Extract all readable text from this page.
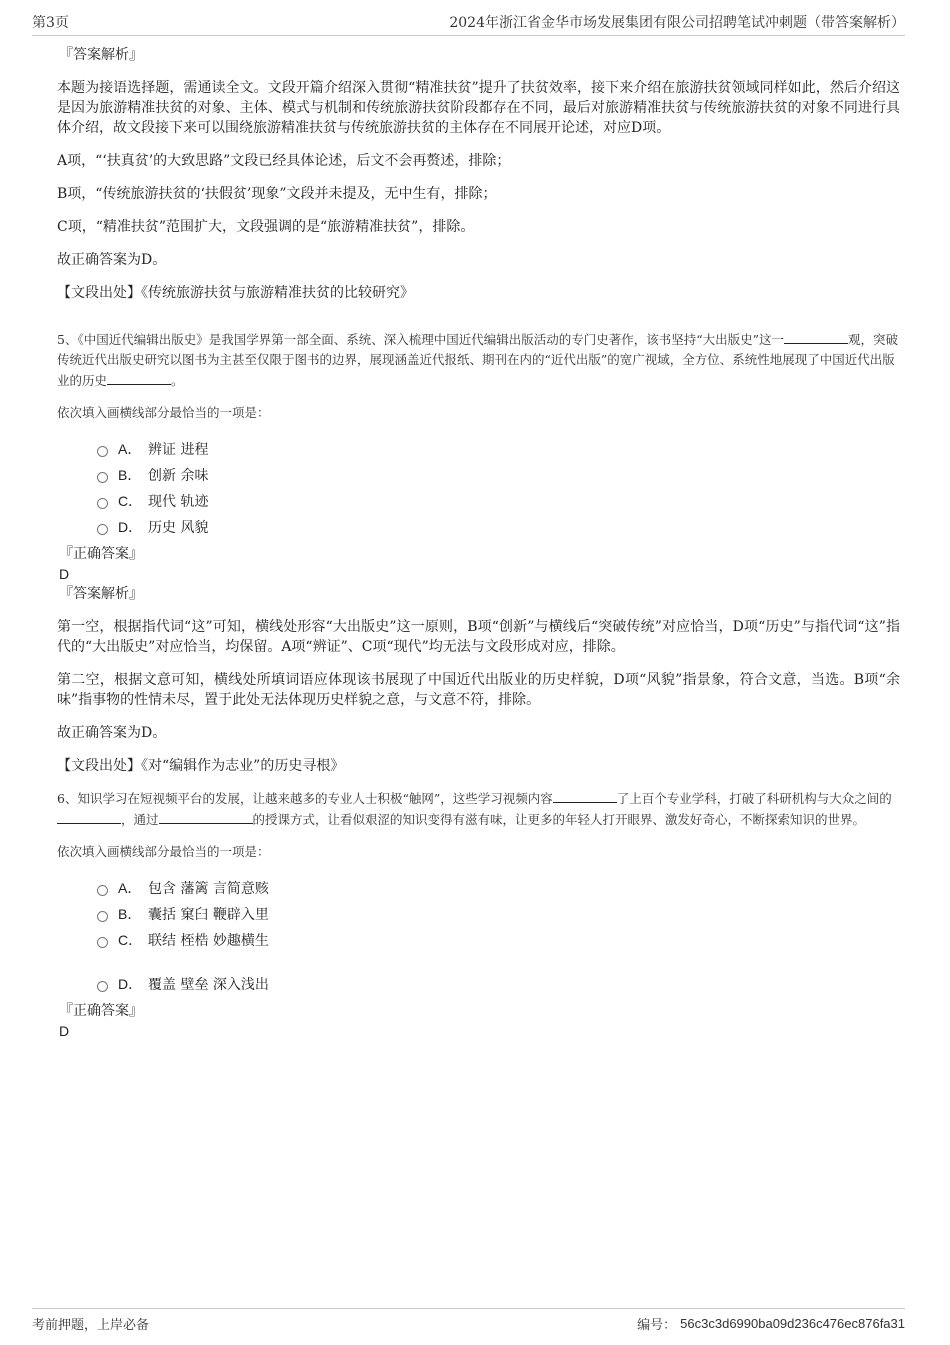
第3页	2024年浙江省金华市场发展集团有限公司招聘笔试冲刺题（带答案解析）
『答案解析』
本题为接语选择题，需通读全文。文段开篇介绍深入贯彻“精准扶贫”提升了扶贫效率，接下来介绍在旅游扶贫领域同样如此，然后介绍这是因为旅游精准扶贫的对象、主体、模式与机制和传统旅游扶贫阶段都存在不同，最后对旅游精准扶贫与传统旅游扶贫的对象不同进行具体介绍，故文段接下来可以围绕旅游精准扶贫与传统旅游扶贫的主体存在不同展开论述，对应D项。
A项，“‘扶真贫’的大致思路”文段已经具体论述，后文不会再赘述，排除；
B项，“传统旅游扶贫的‘扶假贫’现象”文段并未提及，无中生有，排除；
C项，“精准扶贫”范围扩大，文段强调的是“旅游精准扶贫”，排除。
故正确答案为D。
【文段出处】《传统旅游扶贫与旅游精准扶贫的比较研究》
5、《中国近代编辑出版史》是我国学界第一部全面、系统、深入梳理中国近代编辑出版活动的专门史著作，该书坚持“大出版史”这一	观，突破传统近代出版史研究以图书为主甚至仅限于图书的边界，展现涵盖近代报纸、期刊在内的“近代出版”的宽广视域，全方位、系统性地展现了中国近代出版业的历史	。
依次填入画横线部分最恰当的一项是：
A． 辨证 进程
B． 创新 余味
C． 现代 轨迹
D． 历史 风貌
『正确答案』
D
『答案解析』
第一空，根据指代词“这”可知，横线处形容“大出版史”这一原则，B项“创新”与横线后“突破传统”对应恰当，D项“历史”与指代词“这”指代的“大出版史”对应恰当，均保留。A项“辨证”、C项“现代”均无法与文段形成对应，排除。
第二空，根据文意可知，横线处所填词语应体现该书展现了中国近代出版业的历史样貌，D项“风貌”指景象，符合文意，当选。B项“余味”指事物的性情未尽，置于此处无法体现历史样貌之意，与文意不符，排除。
故正确答案为D。
【文段出处】《对“编辑作为志业”的历史寻根》
6、知识学习在短视频平台的发展，让越来越多的专业人士积极“触网”，这些学习视频内容	了上百个专业学科，打破了科研机构与大众之间的，通过	的授课方式，让看似艰涩的知识变得有滋有味，让更多的年轻人打开眼界、激发好奇心，不断探索知识的世界。
依次填入画横线部分最恰当的一项是：
A． 包含 藩篱 言简意赅
B． 囊括 窠臼 鞭辟入里
C． 联结 桎梏 妙趣横生
D． 覆盖 壁垒 深入浅出
『正确答案』
D
考前押题，上岸必备	编号： 56c3c3d6990ba09d236c476ec876fa31
